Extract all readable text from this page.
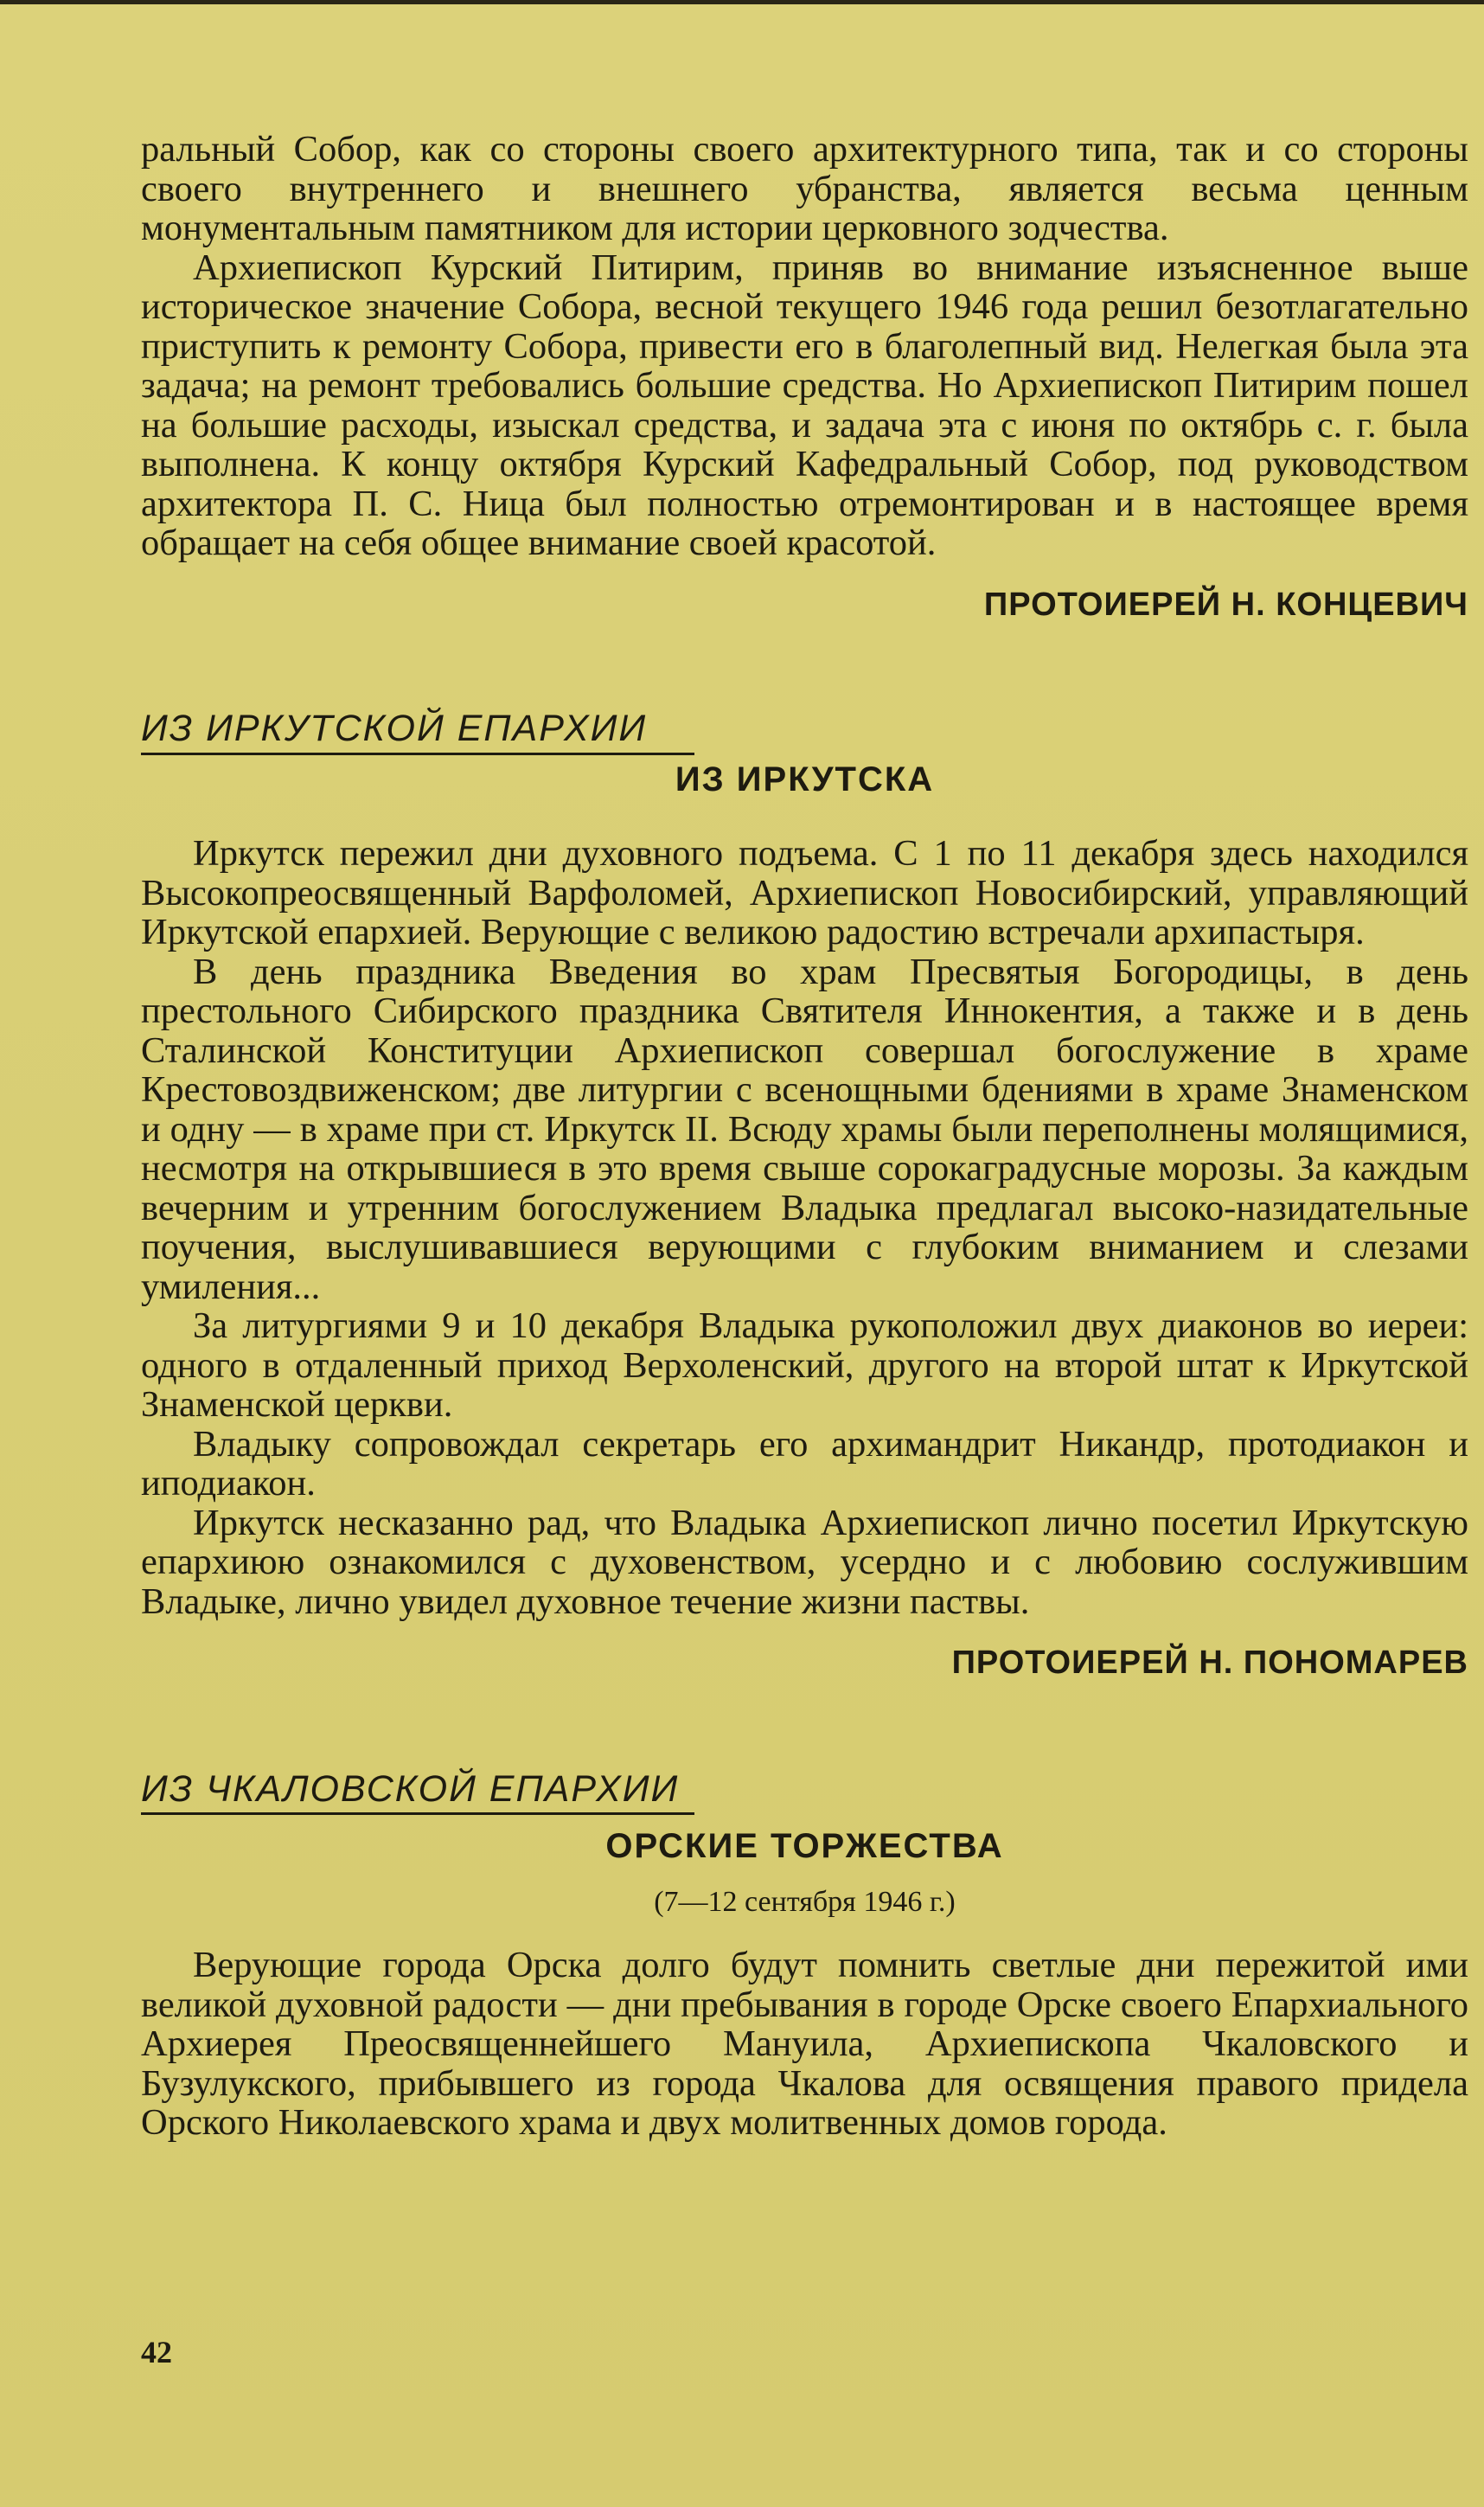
ральный Собор, как со стороны своего архитектурного типа, так и со стороны своего внутреннего и внешнего убранства, является весьма ценным монументальным памятником для истории церковного зодчества.

Архиепископ Курский Питирим, приняв во внимание изъясненное выше историческое значение Собора, весной текущего 1946 года решил безотлагательно приступить к ремонту Собора, привести его в благолепный вид. Нелегкая была эта задача; на ремонт требовались большие средства. Но Архиепископ Питирим пошел на большие расходы, изыскал средства, и задача эта с июня по октябрь с. г. была выполнена. К концу октября Курский Кафедральный Собор, под руководством архитектора П. С. Ница был полностью отремонтирован и в настоящее время обращает на себя общее внимание своей красотой.

ПРОТОИЕРЕЙ Н. КОНЦЕВИЧ
ИЗ ИРКУТСКОЙ ЕПАРХИИ
ИЗ ИРКУТСКА

Иркутск пережил дни духовного подъема. С 1 по 11 декабря здесь находился Высокопреосвященный Варфоломей, Архиепископ Новосибирский, управляющий Иркутской епархией. Верующие с великою радостию встречали архипастыря.

В день праздника Введения во храм Пресвятыя Богородицы, в день престольного Сибирского праздника Святителя Иннокентия, а также и в день Сталинской Конституции Архиепископ совершал богослужение в храме Крестовоздвиженском; две литургии с всенощными бдениями в храме Знаменском и одну — в храме при ст. Иркутск II. Всюду храмы были переполнены молящимися, несмотря на открывшиеся в это время свыше сорокаградусные морозы. За каждым вечерним и утренним богослужением Владыка предлагал высоко-назидательные поучения, выслушивавшиеся верующими с глубоким вниманием и слезами умиления...

За литургиями 9 и 10 декабря Владыка рукоположил двух диаконов во иереи: одного в отдаленный приход Верхоленский, другого на второй штат к Иркутской Знаменской церкви.

Владыку сопровождал секретарь его архимандрит Никандр, протодиакон и иподиакон.

Иркутск несказанно рад, что Владыка Архиепископ лично посетил Иркутскую епархиюю ознакомился с духовенством, усердно и с любовию сослужившим Владыке, лично увидел духовное течение жизни паствы.

ПРОТОИЕРЕЙ Н. ПОНОМАРЕВ
ИЗ ЧКАЛОВСКОЙ ЕПАРХИИ
ОРСКИЕ ТОРЖЕСТВА
(7—12 сентября 1946 г.)

Верующие города Орска долго будут помнить светлые дни пережитой ими великой духовной радости — дни пребывания в городе Орске своего Епархиального Архиерея Преосвященнейшего Мануила, Архиепископа Чкаловского и Бузулукского, прибывшего из города Чкалова для освящения правого придела Орского Николаевского храма и двух молитвенных домов города.

42
